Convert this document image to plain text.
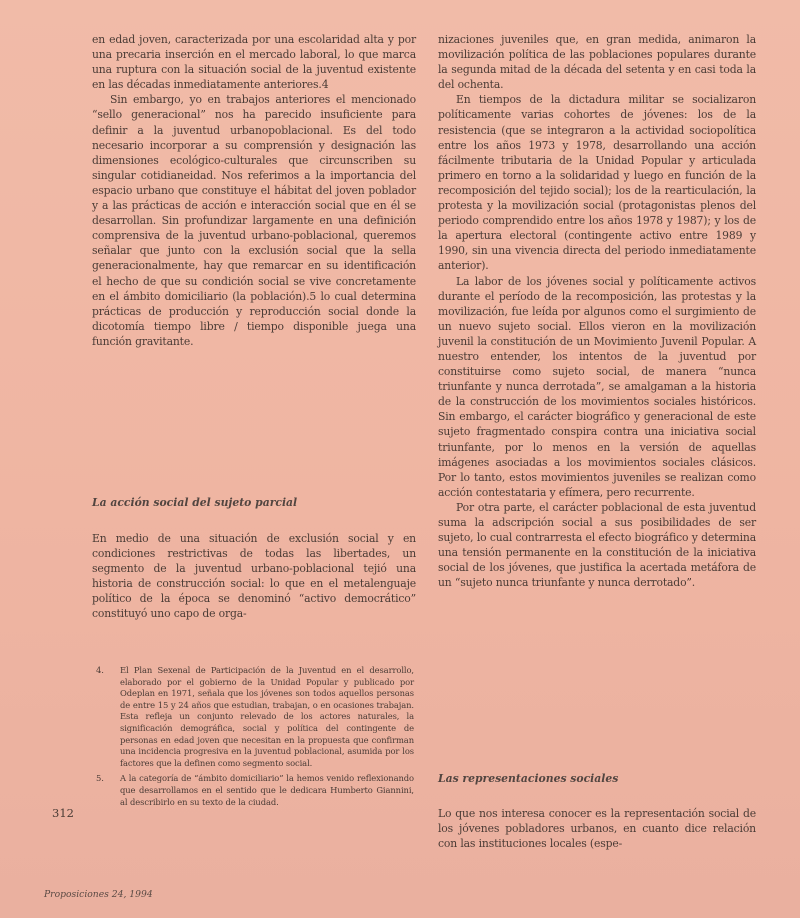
en edad joven, caracterizada por una escolaridad alta y por una precaria inserción en el mercado laboral, lo que marca una ruptura con la situación social de la juventud existente en las décadas inmediatamente anteriores.4

Sin embargo, yo en trabajos anteriores el mencionado “sello generacional” nos ha parecido insuficiente para definir a la juventud urbanopoblacional. Es del todo necesario incorporar a su comprensión y designación las dimensiones ecológico-culturales que circunscriben su singular cotidianeidad. Nos referimos a la importancia del espacio urbano que constituye el hábitat del joven poblador y a las prácticas de acción e interacción social que en él se desarrollan. Sin profundizar largamente en una definición comprensiva de la juventud urbano-poblacional, queremos señalar que junto con la exclusión social que la sella generacionalmente, hay que remarcar en su identificación el hecho de que su condición social se vive concretamente en el ámbito domiciliario (la población).5 lo cual determina prácticas de producción y reproducción social donde la dicotomía tiempo libre / tiempo disponible juega una función gravitante.

La acción social del sujeto parcial

En medio de una situación de exclusión social y en condiciones restrictivas de todas las libertades, un segmento de la juventud urbano-poblacional tejió una historia de construcción social: lo que en el metalenguaje político de la época se denominó “activo democrático” constituyó uno capo de orga-

4. El Plan Sexenal de Participación de la Juventud en el desarrollo, elaborado por el gobierno de la Unidad Popular y publicado por Odeplan en 1971, señala que los jóvenes son todos aquellos personas de entre 15 y 24 años que estudian, trabajan, o en ocasiones trabajan. Esta refleja un conjunto relevado de los actores naturales, la significación demográfica, social y política del contingente de personas en edad joven que necesitan en la propuesta que confirman una incidencia progresiva en la juventud poblacional, asumida por los factores que la definen como segmento social.
5. A la categoría de “ámbito domiciliario” la hemos venido reflexionando que desarrollamos en el sentido que le dedicara Humberto Giannini, al describirlo en su texto de la ciudad.

nizaciones juveniles que, en gran medida, animaron la movilización política de las poblaciones populares durante la segunda mitad de la década del setenta y en casi toda la del ochenta.

En tiempos de la dictadura militar se socializaron políticamente varias cohortes de jóvenes: los de la resistencia (que se integraron a la actividad sociopolítica entre los años 1973 y 1978, desarrollando una acción fácilmente tributaria de la Unidad Popular y articulada primero en torno a la solidaridad y luego en función de la recomposición del tejido social); los de la rearticulación, la protesta y la movilización social (protagonistas plenos del periodo comprendido entre los años 1978 y 1987); y los de la apertura electoral (contingente activo entre 1989 y 1990, sin una vivencia directa del periodo inmediatamente anterior).

La labor de los jóvenes social y políticamente activos durante el período de la recomposición, las protestas y la movilización, fue leída por algunos como el surgimiento de un nuevo sujeto social. Ellos vieron en la movilización juvenil la constitución de un Movimiento Juvenil Popular. A nuestro entender, los intentos de la juventud por constituirse como sujeto social, de manera “nunca triunfante y nunca derrotada”, se amalgaman a la historia de la construcción de los movimientos sociales históricos. Sin embargo, el carácter biográfico y generacional de este sujeto fragmentado conspira contra una iniciativa social triunfante, por lo menos en la versión de aquellas imágenes asociadas a los movimientos sociales clásicos. Por lo tanto, estos movimientos juveniles se realizan como acción contestataria y efímera, pero recurrente.

Por otra parte, el carácter poblacional de esta juventud suma la adscripción social a sus posibilidades de ser sujeto, lo cual contrarresta el efecto biográfico y determina una tensión permanente en la constitución de la iniciativa social de los jóvenes, que justifica la acertada metáfora de un “sujeto nunca triunfante y nunca derrotado”.

Las representaciones sociales

Lo que nos interesa conocer es la representación social de los jóvenes pobladores urbanos, en cuanto dice relación con las instituciones locales (espe-

312
Proposiciones 24, 1994
